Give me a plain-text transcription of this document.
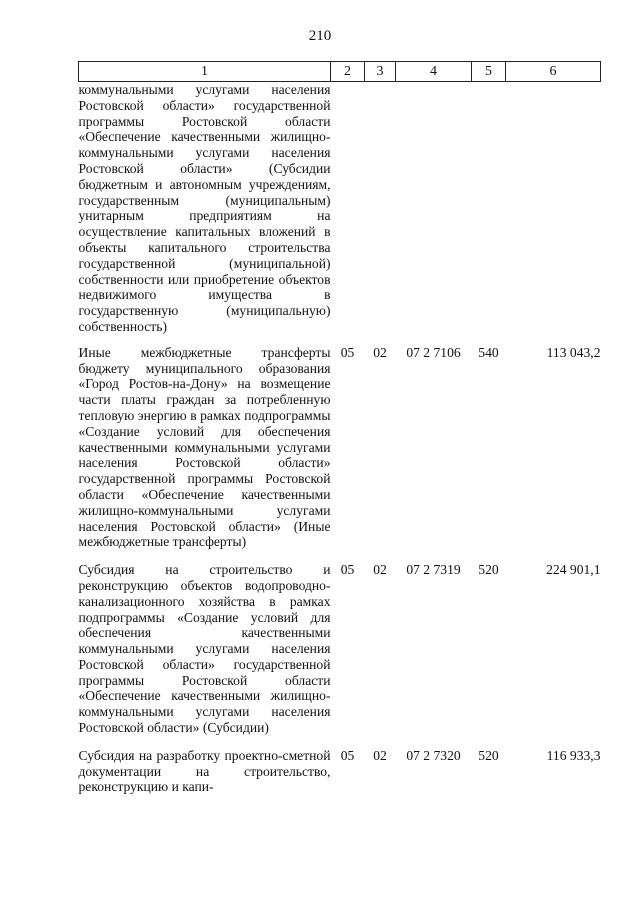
210
1	2	3	4	5	6
коммунальными услугами населения Ростовской области» государственной программы Ростовской области «Обеспечение качественными жилищно-коммунальными услугами населения Ростовской области» (Субсидии бюджетным и автономным учреждениям, государственным (муниципальным) унитарным предприятиям на осуществление капитальных вложений в объекты капитального строительства государственной (муниципальной) собственности или приобретение объектов недвижимого имущества в государственную (муниципальную) собственность)					
Иные межбюджетные трансферты бюджету муниципального образования «Город Ростов-на-Дону» на возмещение части платы граждан за потребленную тепловую энергию в рамках подпрограммы «Создание условий для обеспечения качественными коммунальными услугами населения Ростовской области» государственной программы Ростовской области «Обеспечение качественными жилищно-коммунальными услугами населения Ростовской области» (Иные межбюджетные трансферты)	05	02	07 2 7106	540	113 043,2
Субсидия на строительство и реконструкцию объектов водопроводно-канализационного хозяйства в рамках подпрограммы «Создание условий для обеспечения качественными коммунальными услугами населения Ростовской области» государственной программы Ростовской области «Обеспечение качественными жилищно-коммунальными услугами населения Ростовской области» (Субсидии)	05	02	07 2 7319	520	224 901,1
Субсидия на разработку проектно-сметной документации на строительство, реконструкцию и капи-	05	02	07 2 7320	520	116 933,3
